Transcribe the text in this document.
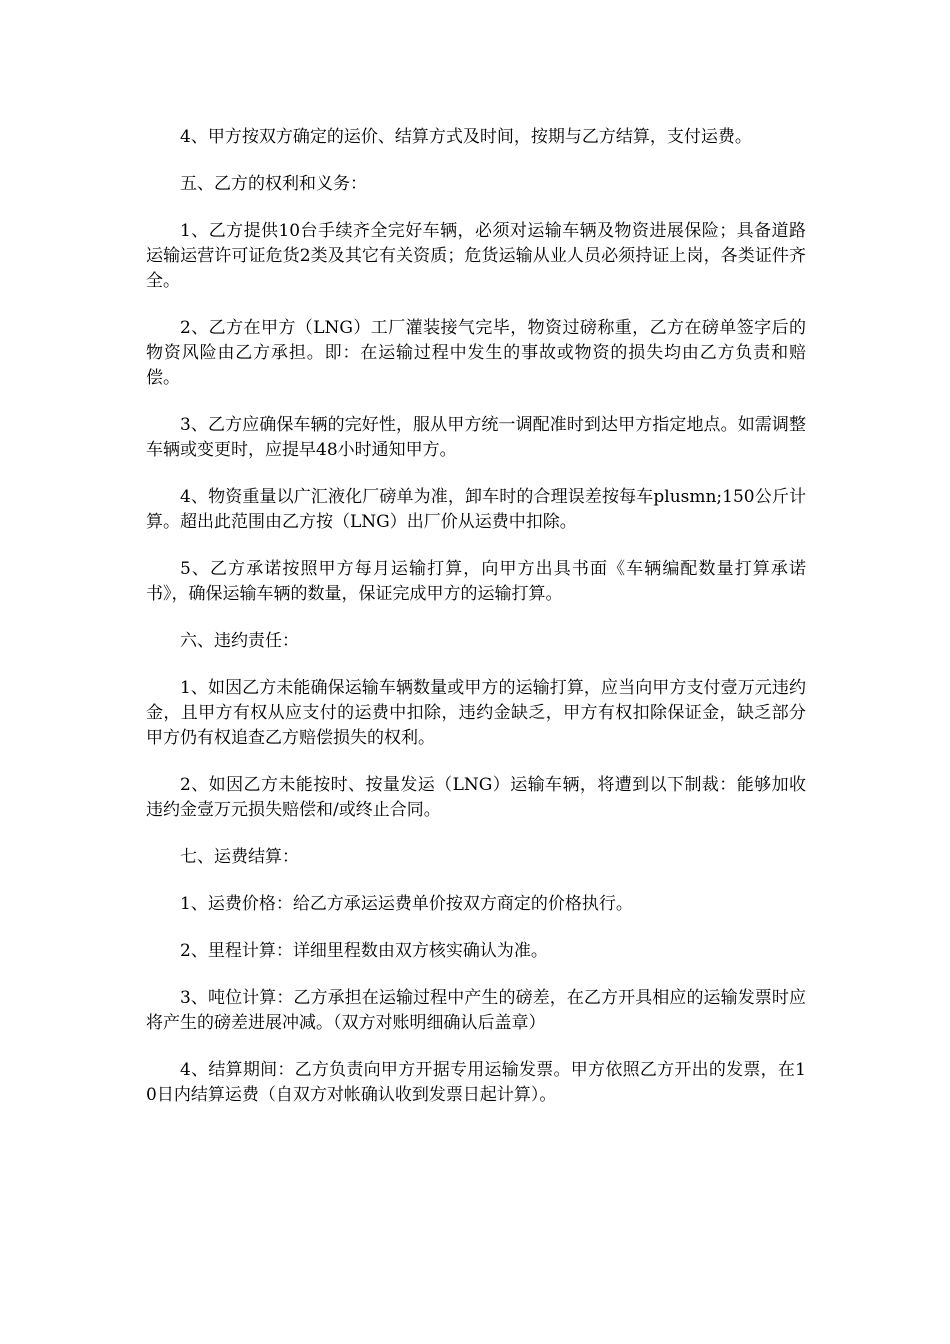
4、甲方按双方确定的运价、结算方式及时间，按期与乙方结算，支付运费。

五、乙方的权利和义务：

1、乙方提供10台手续齐全完好车辆，必须对运输车辆及物资进展保险；具备道路运输运营许可证危货2类及其它有关资质；危货运输从业人员必须持证上岗，各类证件齐全。

2、乙方在甲方（LNG）工厂灌装接气完毕，物资过磅称重，乙方在磅单签字后的物资风险由乙方承担。即：在运输过程中发生的事故或物资的损失均由乙方负责和赔偿。

3、乙方应确保车辆的完好性，服从甲方统一调配准时到达甲方指定地点。如需调整车辆或变更时，应提早48小时通知甲方。

4、物资重量以广汇液化厂磅单为准，卸车时的合理误差按每车plusmn;150公斤计算。超出此范围由乙方按（LNG）出厂价从运费中扣除。

5、乙方承诺按照甲方每月运输打算，向甲方出具书面《车辆编配数量打算承诺书》，确保运输车辆的数量，保证完成甲方的运输打算。

六、违约责任：

1、如因乙方未能确保运输车辆数量或甲方的运输打算，应当向甲方支付壹万元违约金，且甲方有权从应支付的运费中扣除，违约金缺乏，甲方有权扣除保证金，缺乏部分甲方仍有权追查乙方赔偿损失的权利。

2、如因乙方未能按时、按量发运（LNG）运输车辆，将遭到以下制裁：能够加收违约金壹万元损失赔偿和/或终止合同。

七、运费结算：

1、运费价格：给乙方承运运费单价按双方商定的价格执行。

2、里程计算：详细里程数由双方核实确认为准。

3、吨位计算：乙方承担在运输过程中产生的磅差，在乙方开具相应的运输发票时应将产生的磅差进展冲减。（双方对账明细确认后盖章）

4、结算期间：乙方负责向甲方开据专用运输发票。甲方依照乙方开出的发票，在10日内结算运费（自双方对帐确认收到发票日起计算）。
